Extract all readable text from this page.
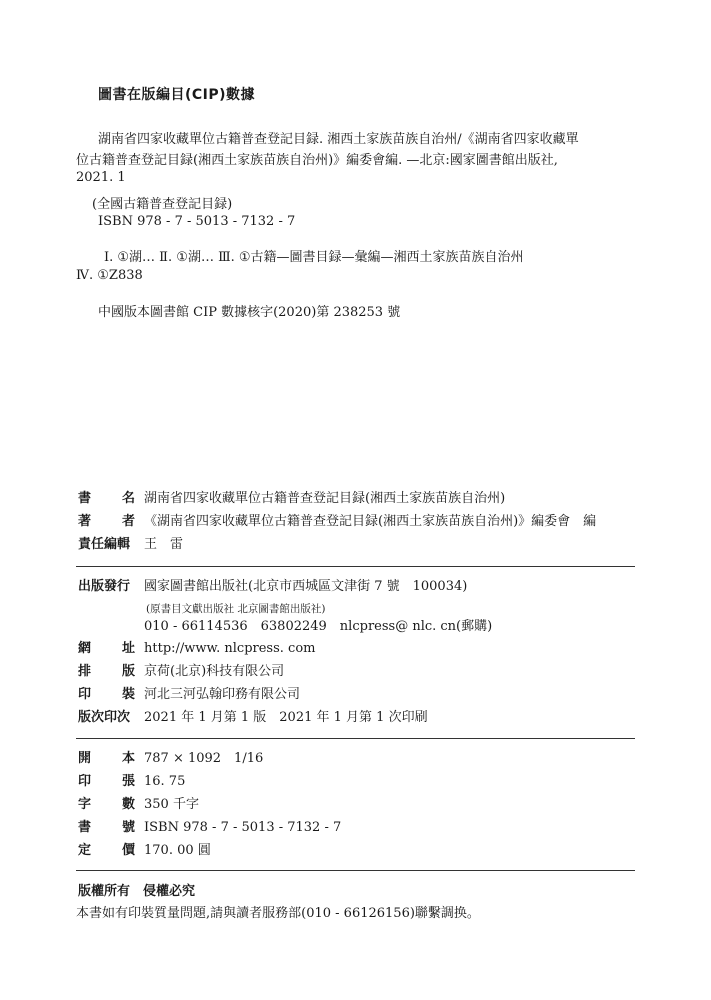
圖書在版編目(CIP)數據
湖南省四家收藏單位古籍普查登記目録. 湘西土家族苗族自治州/《湖南省四家收藏單
位古籍普查登記目録(湘西土家族苗族自治州)》編委會編. —北京:國家圖書館出版社,
2021. 1
(全國古籍普查登記目録)
ISBN 978 - 7 - 5013 - 7132 - 7
Ⅰ. ①湖… Ⅱ. ①湖… Ⅲ. ①古籍—圖書目録—彙編—湘西土家族苗族自治州
Ⅳ. ①Z838
中國版本圖書館 CIP 數據核字(2020)第 238253 號
書 名 湖南省四家收藏單位古籍普查登記目録(湘西土家族苗族自治州)
著 者 《湖南省四家收藏單位古籍普查登記目録(湘西土家族苗族自治州)》編委會　編
責任編輯 王　雷
出版發行 國家圖書館出版社(北京市西城區文津街 7 號　100034)
(原書目文獻出版社 北京圖書館出版社)
010 - 66114536　63802249　nlcpress@ nlc. cn(郵購)
網 址 http://www. nlcpress. com
排 版 京荷(北京)科技有限公司
印 裝 河北三河弘翰印務有限公司
版次印次 2021 年 1 月第 1 版　2021 年 1 月第 1 次印刷
開 本 787 × 1092　1/16
印 張 16. 75
字 數 350 千字
書 號 ISBN 978 - 7 - 5013 - 7132 - 7
定 價 170. 00 圓
版權所有　 侵權必究
本書如有印裝質量問題,請與讀者服務部(010 - 66126156)聯繫調换。
